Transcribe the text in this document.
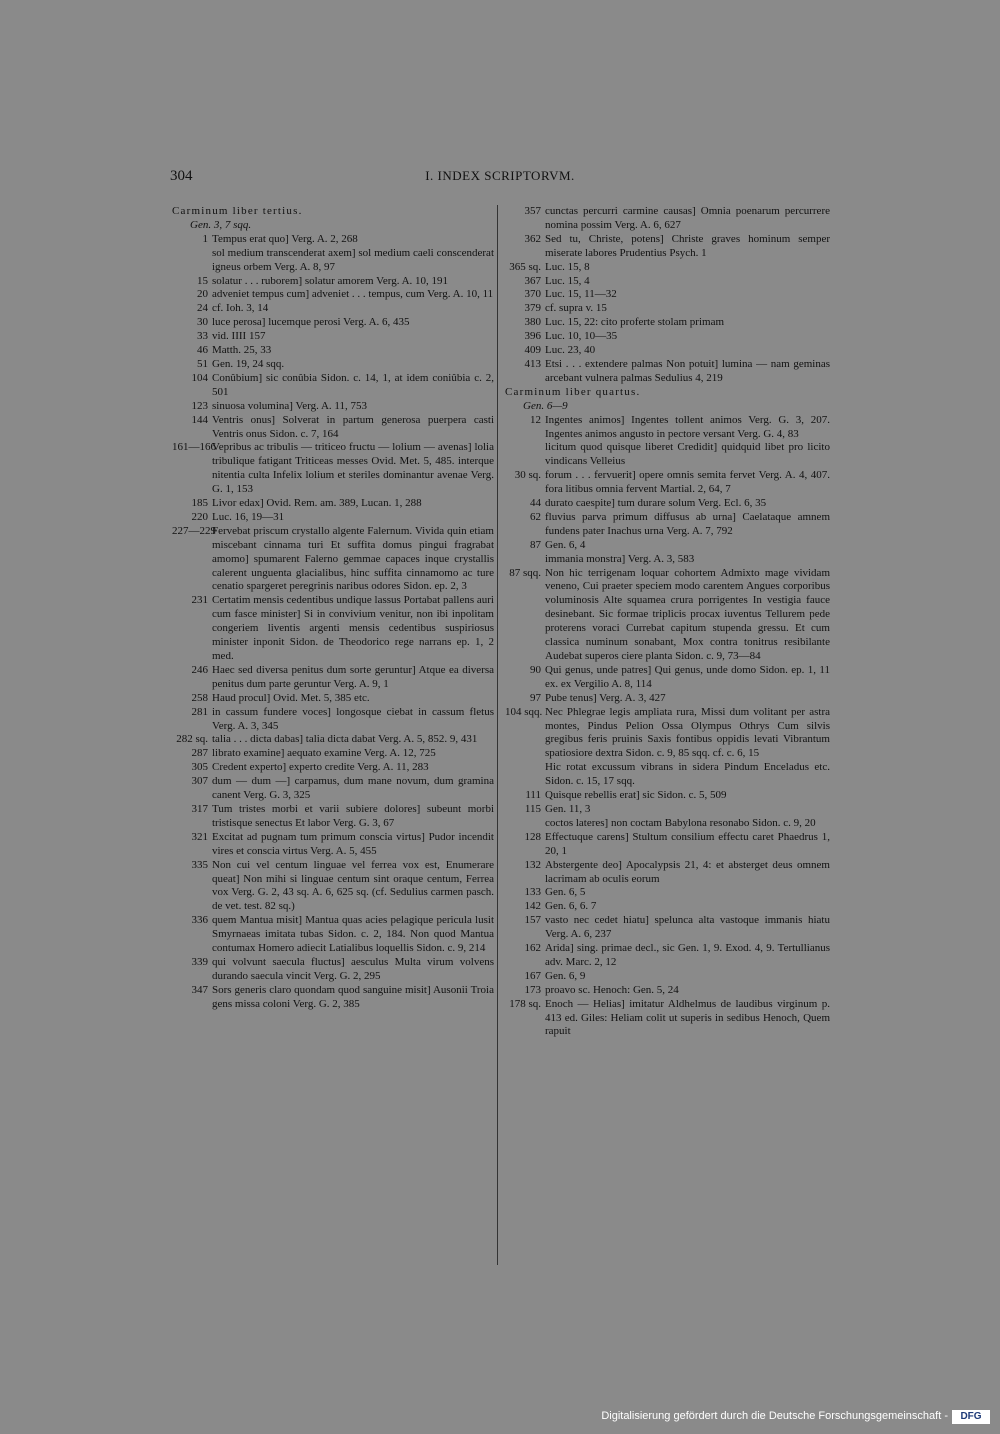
304	I. INDEX SCRIPTORVM.
Carminum liber tertius.
Gen. 3, 7 sqq.
1 Tempus erat quo] Verg. A. 2, 268
sol medium transcenderat axem] sol medium caeli conscenderat igneus orbem Verg. A. 8, 97
15 solatur . . . ruborem] solatur amorem Verg. A. 10, 191
20 adveniet tempus cum] adveniet . . . tempus, cum Verg. A. 10, 11
24 cf. Ioh. 3, 14
30 luce perosa] lucemque perosi Verg. A. 6, 435
33 vid. IIII 157
46 Matth. 25, 33
51 Gen. 19, 24 sqq.
104 Conûbium] sic conûbia Sidon. c. 14, 1, at idem coniûbia c. 2, 501
123 sinuosa volumina] Verg. A. 11, 753
144 Ventris onus] Solverat in partum generosa puerpera casti Ventris onus Sidon. c. 7, 164
161—166
Vepribus ac tribulis — triticeo fructu — lolium — avenas] lolia tribulique fatigant Triticeas messes Ovid. Met. 5, 485. interque nitentia culta Infelix lolium et steriles dominantur avenae Verg. G. 1, 153
185 Livor edax] Ovid. Rem. am. 389, Lucan. 1, 288
220 Luc. 16, 19—31
227—229
Fervebat priscum crystallo algente Falernum. Vivida quin etiam miscebant cinnama turi Et suffita domus pingui fragrabat amomo] spumarent Falerno gemmae capaces inque crystallis calerent unguenta glacialibus, hinc suffita cinnamomo ac ture cenatio spargeret peregrinis naribus odores Sidon. ep. 2, 3
231 Certatim mensis cedentibus undique lassus Portabat pallens auri cum fasce minister] Si in convivium venitur, non ibi inpolitam congeriem liventis argenti mensis cedentibus suspiriosus minister inponit Sidon. de Theodorico rege narrans ep. 1, 2 med.
246 Haec sed diversa penitus dum sorte geruntur] Atque ea diversa penitus dum parte geruntur Verg. A. 9, 1
258 Haud procul] Ovid. Met. 5, 385 etc.
281 in cassum fundere voces] longosque ciebat in cassum fletus Verg. A. 3, 345
282 sq. talia . . . dicta dabas] talia dicta dabat Verg. A. 5, 852. 9, 431
287 librato examine] aequato examine Verg. A. 12, 725
305 Credent experto] experto credite Verg. A. 11, 283
307 dum — dum —] carpamus, dum mane novum, dum gramina canent Verg. G. 3, 325
317 Tum tristes morbi et varii subiere dolores] subeunt morbi tristisque senectus Et labor Verg. G. 3, 67
321 Excitat ad pugnam tum primum conscia virtus] Pudor incendit vires et conscia virtus Verg. A. 5, 455
335 Non cui vel centum linguae vel ferrea vox est, Enumerare queat] Non mihi si linguae centum sint oraque centum, Ferrea vox Verg. G. 2, 43 sq. A. 6, 625 sq. (cf. Sedulius carmen pasch. de vet. test. 82 sq.)
336 quem Mantua misit] Mantua quas acies pelagique pericula lusit Smyrnaeas imitata tubas Sidon. c. 2, 184. Non quod Mantua contumax Homero adiecit Latialibus loquellis Sidon. c. 9, 214
339 qui volvunt saecula fluctus] aesculus Multa virum volvens durando saecula vincit Verg. G. 2, 295
347 Sors generis claro quondam quod sanguine misit] Ausonii Troia gens missa coloni Verg. G. 2, 385
357 cunctas percurri carmine causas] Omnia poenarum percurrere nomina possim Verg. A. 6, 627
362 Sed tu, Christe, potens] Christe graves hominum semper miserate labores Prudentius Psych. 1
365 sq. Luc. 15, 8
367 Luc. 15, 4
370 Luc. 15, 11—32
379 cf. supra v. 15
380 Luc. 15, 22: cito proferte stolam primam
396 Luc. 10, 10—35
409 Luc. 23, 40
413 Etsi . . . extendere palmas Non potuit] lumina — nam geminas arcebant vulnera palmas Sedulius 4, 219
Carminum liber quartus.
Gen. 6—9
12 Ingentes animos] Ingentes tollent animos Verg. G. 3, 207. Ingentes animos angusto in pectore versant Verg. G. 4, 83
licitum quod quisque liberet Credidit] quidquid libet pro licito vindicans Velleius
30 sq. forum . . . fervuerit] opere omnis semita fervet Verg. A. 4, 407. fora litibus omnia fervent Martial. 2, 64, 7
44 durato caespite] tum durare solum Verg. Ecl. 6, 35
62 fluvius parva primum diffusus ab urna] Caelataque amnem fundens pater Inachus urna Verg. A. 7, 792
87 Gen. 6, 4
immania monstra] Verg. A. 3, 583
87 sqq. Non hic terrigenam loquar cohortem Admixto mage vividam veneno, Cui praeter speciem modo carentem Angues corporibus voluminosis Alte squamea crura porrigentes In vestigia fauce desinebant. Sic formae triplicis procax iuventus Tellurem pede proterens voraci Currebat capitum stupenda gressu. Et cum classica numinum sonabant, Mox contra tonitrus resibilante Audebat superos ciere planta Sidon. c. 9, 73—84
90 Qui genus, unde patres] Qui genus, unde domo Sidon. ep. 1, 11 ex. ex Vergilio A. 8, 114
97 Pube tenus] Verg. A. 3, 427
104 sqq. Nec Phlegrae legis ampliata rura, Missi dum volitant per astra montes, Pindus Pelion Ossa Olympus Othrys Cum silvis gregibus feris pruinis Saxis fontibus oppidis levati Vibrantum spatiosiore dextra Sidon. c. 9, 85 sqq. cf. c. 6, 15
Hic rotat excussum vibrans in sidera Pindum Enceladus etc. Sidon. c. 15, 17 sqq.
111 Quisque rebellis erat] sic Sidon. c. 5, 509
115 Gen. 11, 3
coctos lateres] non coctam Babylona resonabo Sidon. c. 9, 20
128 Effectuque carens] Stultum consilium effectu caret Phaedrus 1, 20, 1
132 Abstergente deo] Apocalypsis 21, 4: et absterget deus omnem lacrimam ab oculis eorum
133 Gen. 6, 5
142 Gen. 6, 6. 7
157 vasto nec cedet hiatu] spelunca alta vastoque immanis hiatu Verg. A. 6, 237
162 Arida] sing. primae decl., sic Gen. 1, 9. Exod. 4, 9. Tertullianus adv. Marc. 2, 12
167 Gen. 6, 9
173 proavo sc. Henoch: Gen. 5, 24
178 sq. Enoch — Helias] imitatur Aldhelmus de laudibus virginum p. 413 ed. Giles: Heliam colit ut superis in sedibus Henoch, Quem rapuit
Digitalisierung gefördert durch die Deutsche Forschungsgemeinschaft -	DFG
